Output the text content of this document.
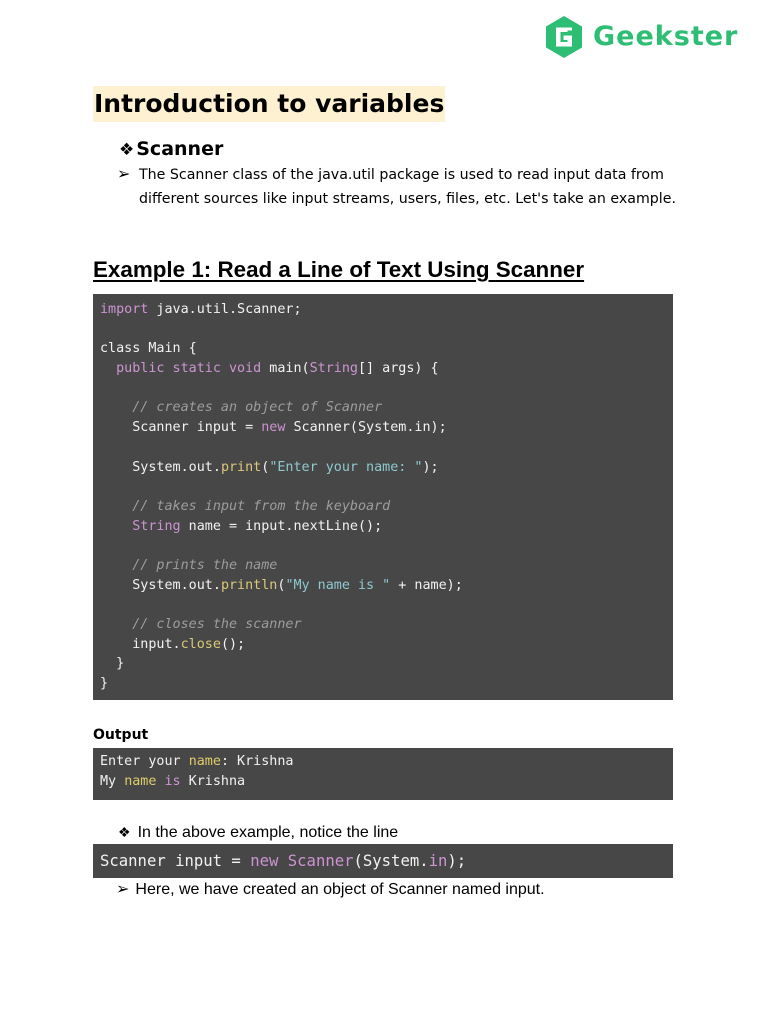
Geekster
Introduction to variables
❖ Scanner
➢ The Scanner class of the java.util package is used to read input data from different sources like input streams, users, files, etc. Let's take an example.

Example 1: Read a Line of Text Using Scanner
import java.util.Scanner;
class Main {
public static void main(String[] args) {
// creates an object of Scanner
Scanner input = new Scanner(System.in);
System.out.print("Enter your name: ");
// takes input from the keyboard
String name = input.nextLine();
// prints the name
System.out.println("My name is " + name);
// closes the scanner
input.close();
}
}
Output
Enter your name: Krishna
My name is Krishna
❖ In the above example, notice the line
Scanner input = new Scanner(System.in);
➢ Here, we have created an object of Scanner named input.
